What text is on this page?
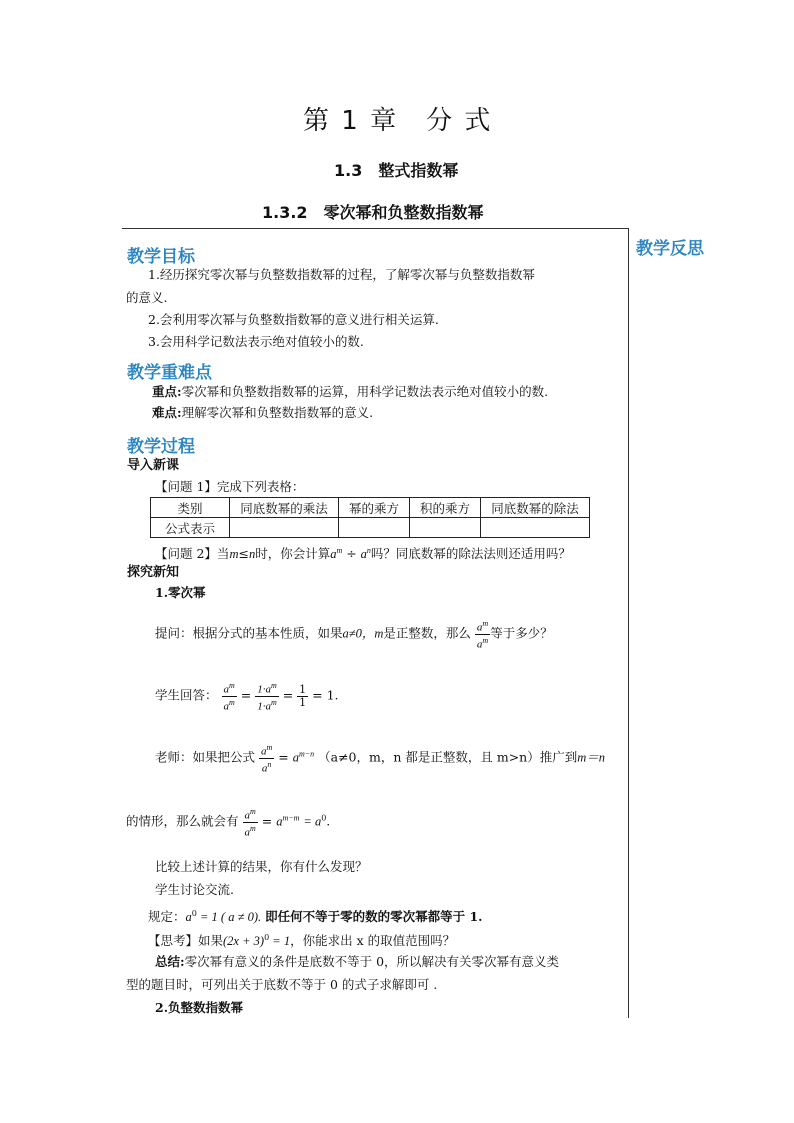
第 1 章　分 式
1.3　整式指数幂
1.3.2　零次幂和负整数指数幂
教学反思
教学目标
1.经历探究零次幂与负整数指数幂的过程，了解零次幂与负整数指数幂
的意义.
2.会利用零次幂与负整数指数幂的意义进行相关运算.
3.会用科学记数法表示绝对值较小的数.
教学重难点
重点:零次幂和负整数指数幂的运算，用科学记数法表示绝对值较小的数.
难点:理解零次幂和负整数指数幂的意义.
教学过程
导入新课
【问题 1】完成下列表格：
类别	同底数幂的乘法	幂的乘方	积的乘方	同底数幂的除法
公式表示				
【问题 2】当m≤n时，你会计算$a^m \div a^n$吗？同底数幂的除法法则还适用吗？
探究新知
1.零次幂
提问：根据分式的基本性质，如果a≠0，m是正整数，那么 $\frac{a^m}{a^m}$ 等于多少？
学生回答： $\frac{a^m}{a^m} = \frac{1\cdot a^m}{1\cdot a^m} = \frac{1}{1} = 1$.
老师：如果把公式 $\frac{a^m}{a^n} = a^{m-n}$ （a≠0，m，n 都是正整数，且 m>n）推广到m＝n
的情形，那么就会有 $\frac{a^m}{a^m} = a^{m-m} = a^0$.
比较上述计算的结果，你有什么发现？
学生讨论交流.
规定：$a^0 = 1$ ( a ≠ 0). 即任何不等于零的数的零次幂都等于 1.
【思考】如果$(2x + 3)^0 = 1$，你能求出 x 的取值范围吗？
总结:零次幂有意义的条件是底数不等于 0，所以解决有关零次幂有意义类
型的题目时，可列出关于底数不等于 0 的式子求解即可 .
2.负整数指数幂
